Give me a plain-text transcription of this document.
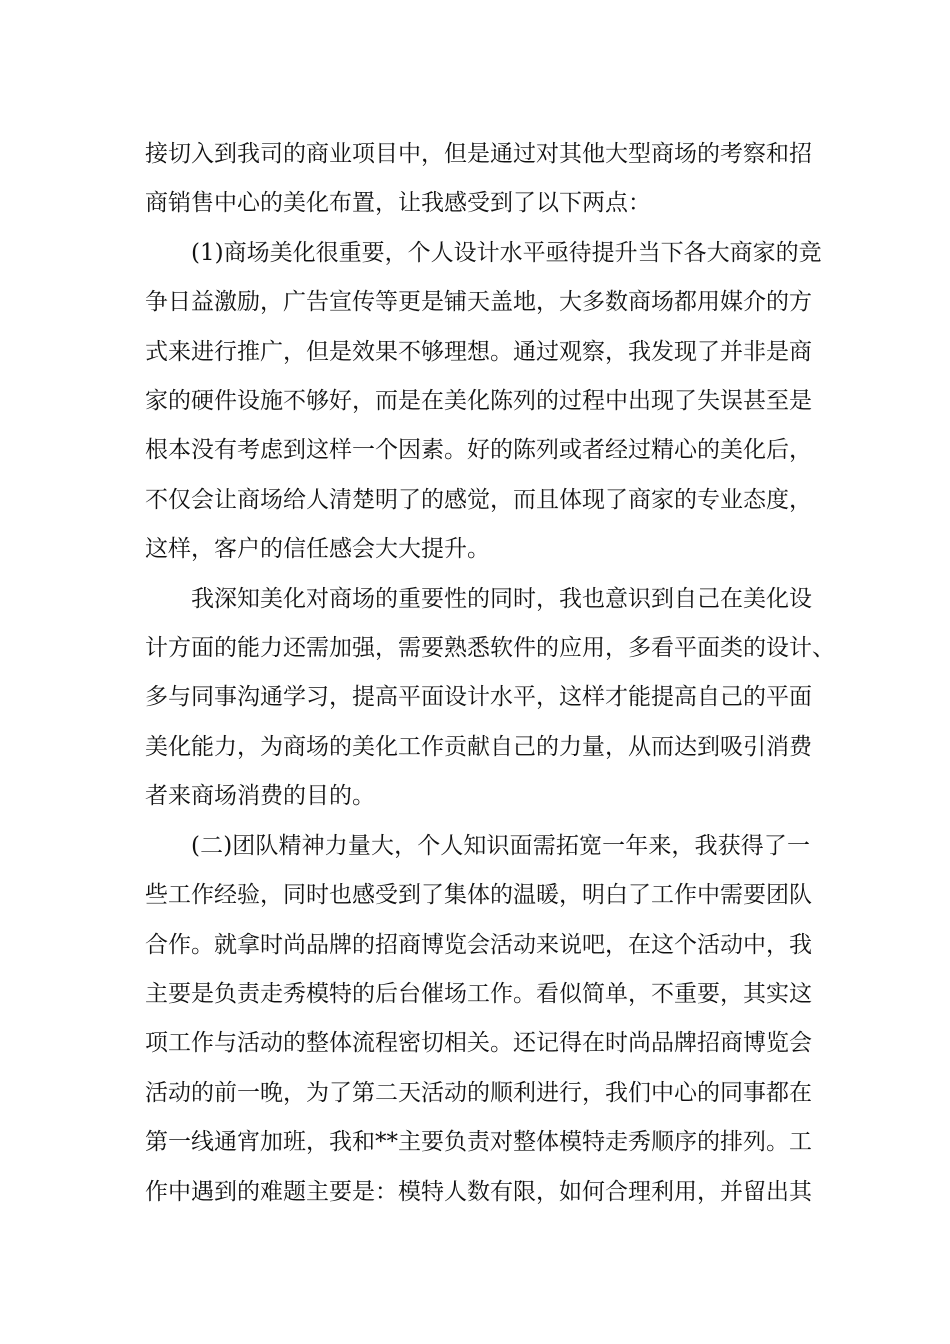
接切入到我司的商业项目中，但是通过对其他大型商场的考察和招
商销售中心的美化布置，让我感受到了以下两点：
(1)商场美化很重要，个人设计水平亟待提升当下各大商家的竞
争日益激励，广告宣传等更是铺天盖地，大多数商场都用媒介的方
式来进行推广，但是效果不够理想。通过观察，我发现了并非是商
家的硬件设施不够好，而是在美化陈列的过程中出现了失误甚至是
根本没有考虑到这样一个因素。好的陈列或者经过精心的美化后，
不仅会让商场给人清楚明了的感觉，而且体现了商家的专业态度，
这样，客户的信任感会大大提升。
我深知美化对商场的重要性的同时，我也意识到自己在美化设
计方面的能力还需加强，需要熟悉软件的应用，多看平面类的设计、
多与同事沟通学习，提高平面设计水平，这样才能提高自己的平面
美化能力，为商场的美化工作贡献自己的力量，从而达到吸引消费
者来商场消费的目的。
(二)团队精神力量大，个人知识面需拓宽一年来，我获得了一
些工作经验，同时也感受到了集体的温暖，明白了工作中需要团队
合作。就拿时尚品牌的招商博览会活动来说吧，在这个活动中，我
主要是负责走秀模特的后台催场工作。看似简单，不重要，其实这
项工作与活动的整体流程密切相关。还记得在时尚品牌招商博览会
活动的前一晚，为了第二天活动的顺利进行，我们中心的同事都在
第一线通宵加班，我和**主要负责对整体模特走秀顺序的排列。工
作中遇到的难题主要是：模特人数有限，如何合理利用，并留出其
